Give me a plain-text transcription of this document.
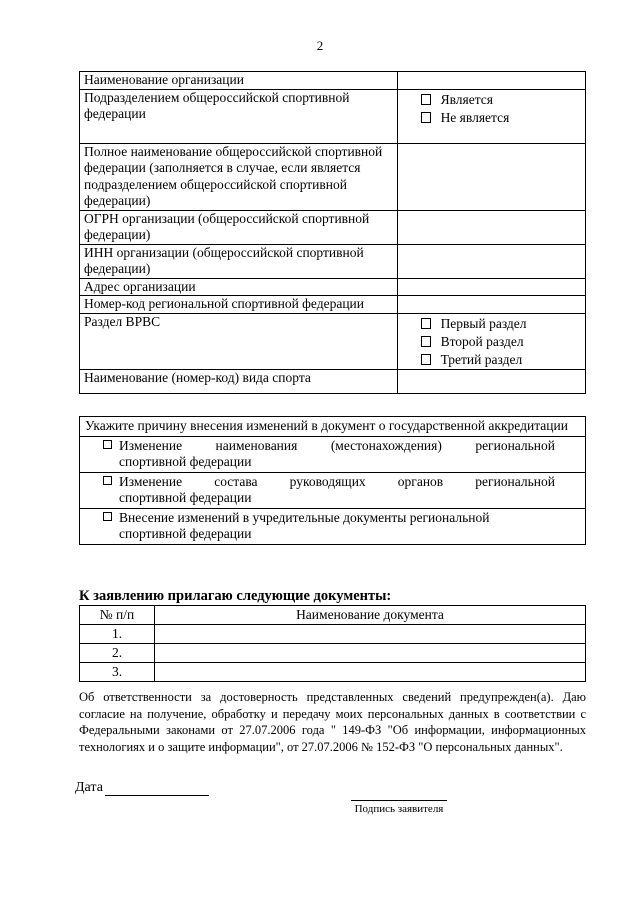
2
Наименование организации	
Подразделением общероссийской спортивной федерации	Является
Не является

Полное наименование общероссийской спортивной федерации (заполняется в случае, если является подразделением общероссийской спортивной федерации)	
ОГРН организации (общероссийской спортивной федерации)	
ИНН организации (общероссийской спортивной федерации)	
Адрес организации	
Номер-код региональной спортивной федерации	
Раздел ВРВС	Первый раздел
Второй раздел
Третий раздел

Наименование (номер-код) вида спорта	
Укажите причину внесения изменений в документ о государственной аккредитации

Изменение наименования (местонахождения) региональной
спортивной федерации

Изменение состава руководящих органов региональной
спортивной федерации

Внесение изменений в учредительные документы региональной
спортивной федерации
К заявлению прилагаю следующие документы:
№ п/п	Наименование документа
1.	
2.	
3.	
Об ответственности за достоверность представленных сведений предупрежден(а). Даю согласие на получение, обработку и передачу моих персональных данных в соответствии с Федеральными законами от 27.07.2006 года " 149-ФЗ "Об информации, информационных технологиях и о защите информации", от 27.07.2006 № 152-ФЗ "О персональных данных".
Дата
Подпись заявителя
